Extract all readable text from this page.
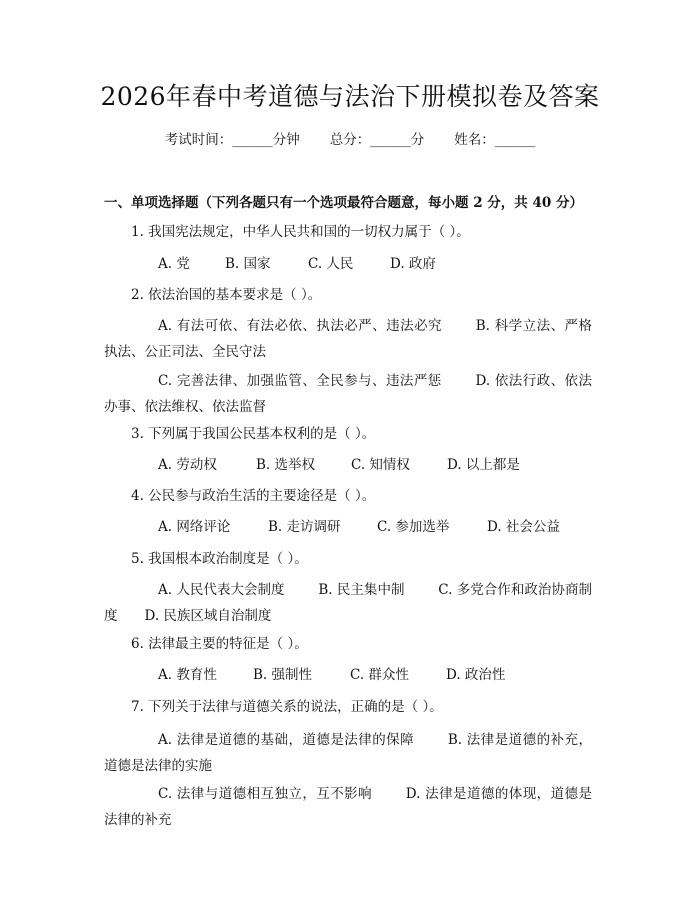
2026年春中考道德与法治下册模拟卷及答案
考试时间：______分钟 总分：______分 姓名：______
一、单项选择题（下列各题只有一个选项最符合题意，每小题 2 分，共 40 分）
1. 我国宪法规定，中华人民共和国的一切权力属于（ ）。
A. 党	B. 国家	C. 人民	D. 政府
2. 依法治国的基本要求是（ ）。
A. 有法可依、有法必依、执法必严、违法必究   	B. 科学立法、严格执法、公正司法、全民守法
C. 完善法律、加强监管、全民参与、违法严惩   	D. 依法行政、依法办事、依法维权、依法监督
3. 下列属于我国公民基本权利的是（ ）。
A. 劳动权	B. 选举权	C. 知情权	D. 以上都是
4. 公民参与政治生活的主要途径是（ ）。
A. 网络评论	B. 走访调研	C. 参加选举	D. 社会公益
5. 我国根本政治制度是（ ）。
A. 人民代表大会制度   	B. 民主集中制   	C. 多党合作和政治协商制度   D. 民族区域自治制度
6. 法律最主要的特征是（ ）。
A. 教育性	B. 强制性	C. 群众性	D. 政治性
7. 下列关于法律与道德关系的说法，正确的是（ ）。
A. 法律是道德的基础，道德是法律的保障   	B. 法律是道德的补充，道德是法律的实施
C. 法律与道德相互独立，互不影响   	D. 法律是道德的体现，道德是法律的补充
